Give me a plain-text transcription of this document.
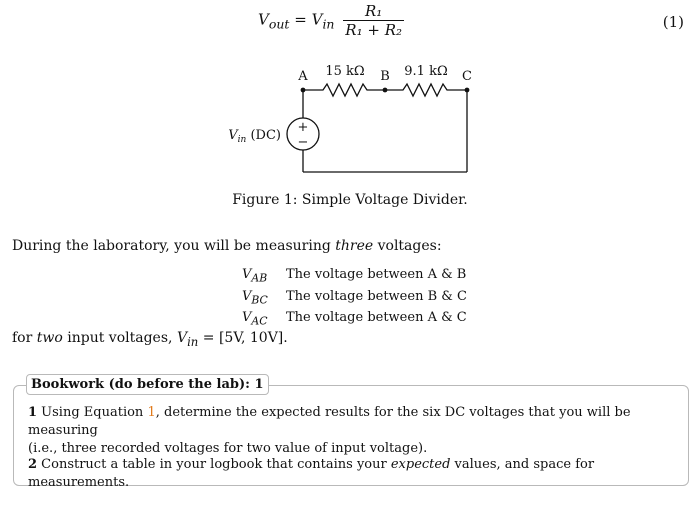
$V_{out} = V_{in} \frac{\text{R₁}}{\text{R₁ + R₂}}$	(1)
+
−
A	B	C
15 kΩ	9.1 kΩ
$V_{in}$ (DC)
Figure 1: Simple Voltage Divider.
During the laboratory, you will be measuring three voltages:
$V_{AB}$	The voltage between A & B
$V_{BC}$	The voltage between B & C
$V_{AC}$	The voltage between A & C
for two input voltages, $V_{in} = [5V$, 10V].
Bookwork (do before the lab): 1
1 Using Equation 1, determine the expected results for the six DC voltages that you will be measuring
(i.e., three recorded voltages for two value of input voltage).
2 Construct a table in your logbook that contains your expected values, and space for measurements.
